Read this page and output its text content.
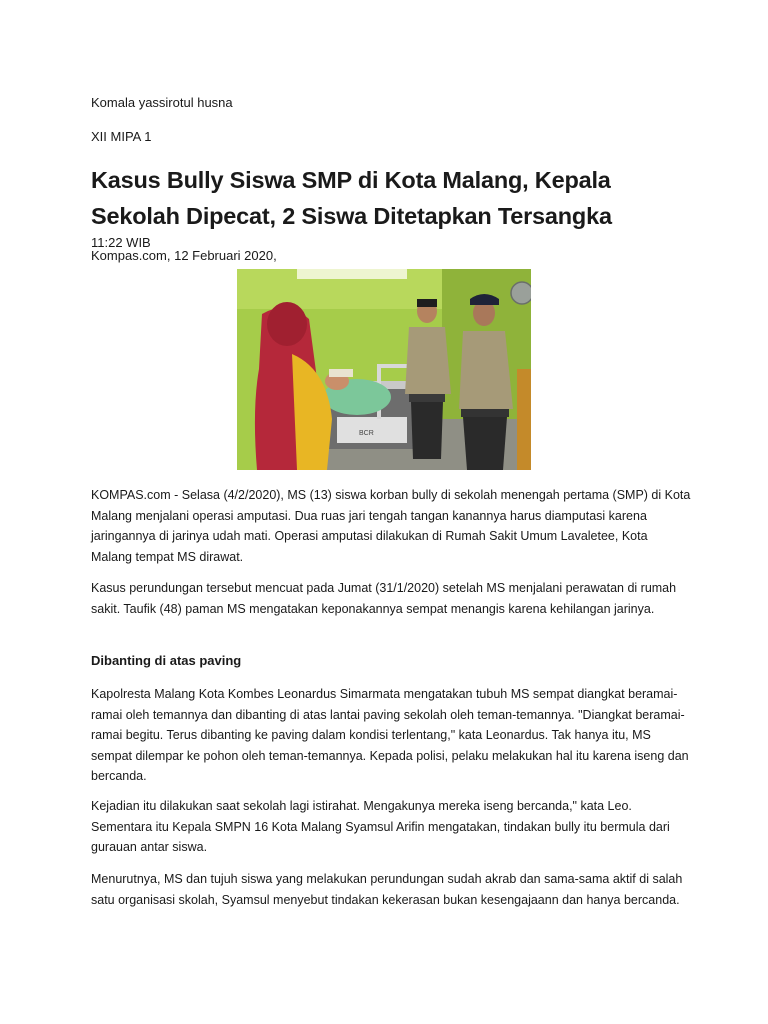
Komala yassirotul husna

XII MIPA 1

Kasus Bully Siswa SMP di Kota Malang, Kepala Sekolah Dipecat, 2 Siswa Ditetapkan Tersangka Kompas.com, 12 Februari 2020,

11:22 WIB

BCR

KOMPAS.com - Selasa (4/2/2020), MS (13) siswa korban bully di sekolah menengah pertama (SMP) di Kota Malang menjalani operasi amputasi. Dua ruas jari tengah tangan kanannya harus diamputasi karena jaringannya di jarinya udah mati. Operasi amputasi dilakukan di Rumah Sakit Umum Lavaletee, Kota Malang tempat MS dirawat.

Kasus perundungan tersebut mencuat pada Jumat (31/1/2020) setelah MS menjalani perawatan di rumah sakit. Taufik (48) paman MS mengatakan keponakannya sempat menangis karena kehilangan jarinya.

Dibanting di atas paving

Kapolresta Malang Kota Kombes Leonardus Simarmata mengatakan tubuh MS sempat diangkat beramai-ramai oleh temannya dan dibanting di atas lantai paving sekolah oleh teman-temannya. "Diangkat beramai-ramai begitu. Terus dibanting ke paving dalam kondisi terlentang," kata Leonardus. Tak hanya itu, MS sempat dilempar ke pohon oleh teman-temannya. Kepada polisi, pelaku melakukan hal itu karena iseng dan bercanda.

Kejadian itu dilakukan saat sekolah lagi istirahat. Mengakunya mereka iseng bercanda," kata Leo. Sementara itu Kepala SMPN 16 Kota Malang Syamsul Arifin mengatakan, tindakan bully itu bermula dari gurauan antar siswa.

Menurutnya, MS dan tujuh siswa yang melakukan perundungan sudah akrab dan sama-sama aktif di salah satu organisasi skolah, Syamsul menyebut tindakan kekerasan bukan kesengajaann dan hanya bercanda.
